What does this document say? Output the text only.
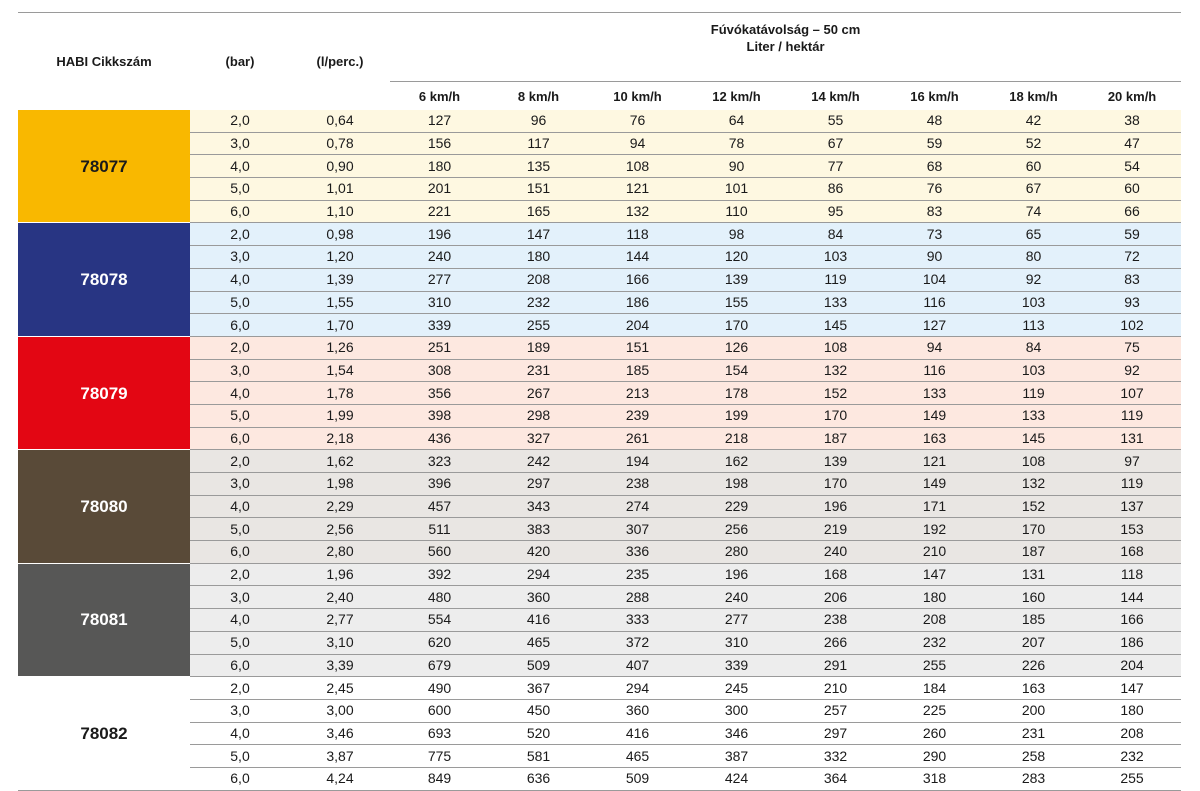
HABI Cikkszám	(bar)	(l/perc.)	Fúvókatávolság – 50 cm
Liter / hektár							

			6 km/h	8 km/h	10 km/h	12 km/h	14 km/h	16 km/h	18 km/h	20 km/h
78077	2,0	0,64	127	96	76	64	55	48	42	38
	3,0	0,78	156	117	94	78	67	59	52	47
	4,0	0,90	180	135	108	90	77	68	60	54
	5,0	1,01	201	151	121	101	86	76	67	60
	6,0	1,10	221	165	132	110	95	83	74	66
78078	2,0	0,98	196	147	118	98	84	73	65	59
	3,0	1,20	240	180	144	120	103	90	80	72
	4,0	1,39	277	208	166	139	119	104	92	83
	5,0	1,55	310	232	186	155	133	116	103	93
	6,0	1,70	339	255	204	170	145	127	113	102
78079	2,0	1,26	251	189	151	126	108	94	84	75
	3,0	1,54	308	231	185	154	132	116	103	92
	4,0	1,78	356	267	213	178	152	133	119	107
	5,0	1,99	398	298	239	199	170	149	133	119
	6,0	2,18	436	327	261	218	187	163	145	131
78080	2,0	1,62	323	242	194	162	139	121	108	97
	3,0	1,98	396	297	238	198	170	149	132	119
	4,0	2,29	457	343	274	229	196	171	152	137
	5,0	2,56	511	383	307	256	219	192	170	153
	6,0	2,80	560	420	336	280	240	210	187	168
78081	2,0	1,96	392	294	235	196	168	147	131	118
	3,0	2,40	480	360	288	240	206	180	160	144
	4,0	2,77	554	416	333	277	238	208	185	166
	5,0	3,10	620	465	372	310	266	232	207	186
	6,0	3,39	679	509	407	339	291	255	226	204
78082	2,0	2,45	490	367	294	245	210	184	163	147
	3,0	3,00	600	450	360	300	257	225	200	180
	4,0	3,46	693	520	416	346	297	260	231	208
	5,0	3,87	775	581	465	387	332	290	258	232
	6,0	4,24	849	636	509	424	364	318	283	255
